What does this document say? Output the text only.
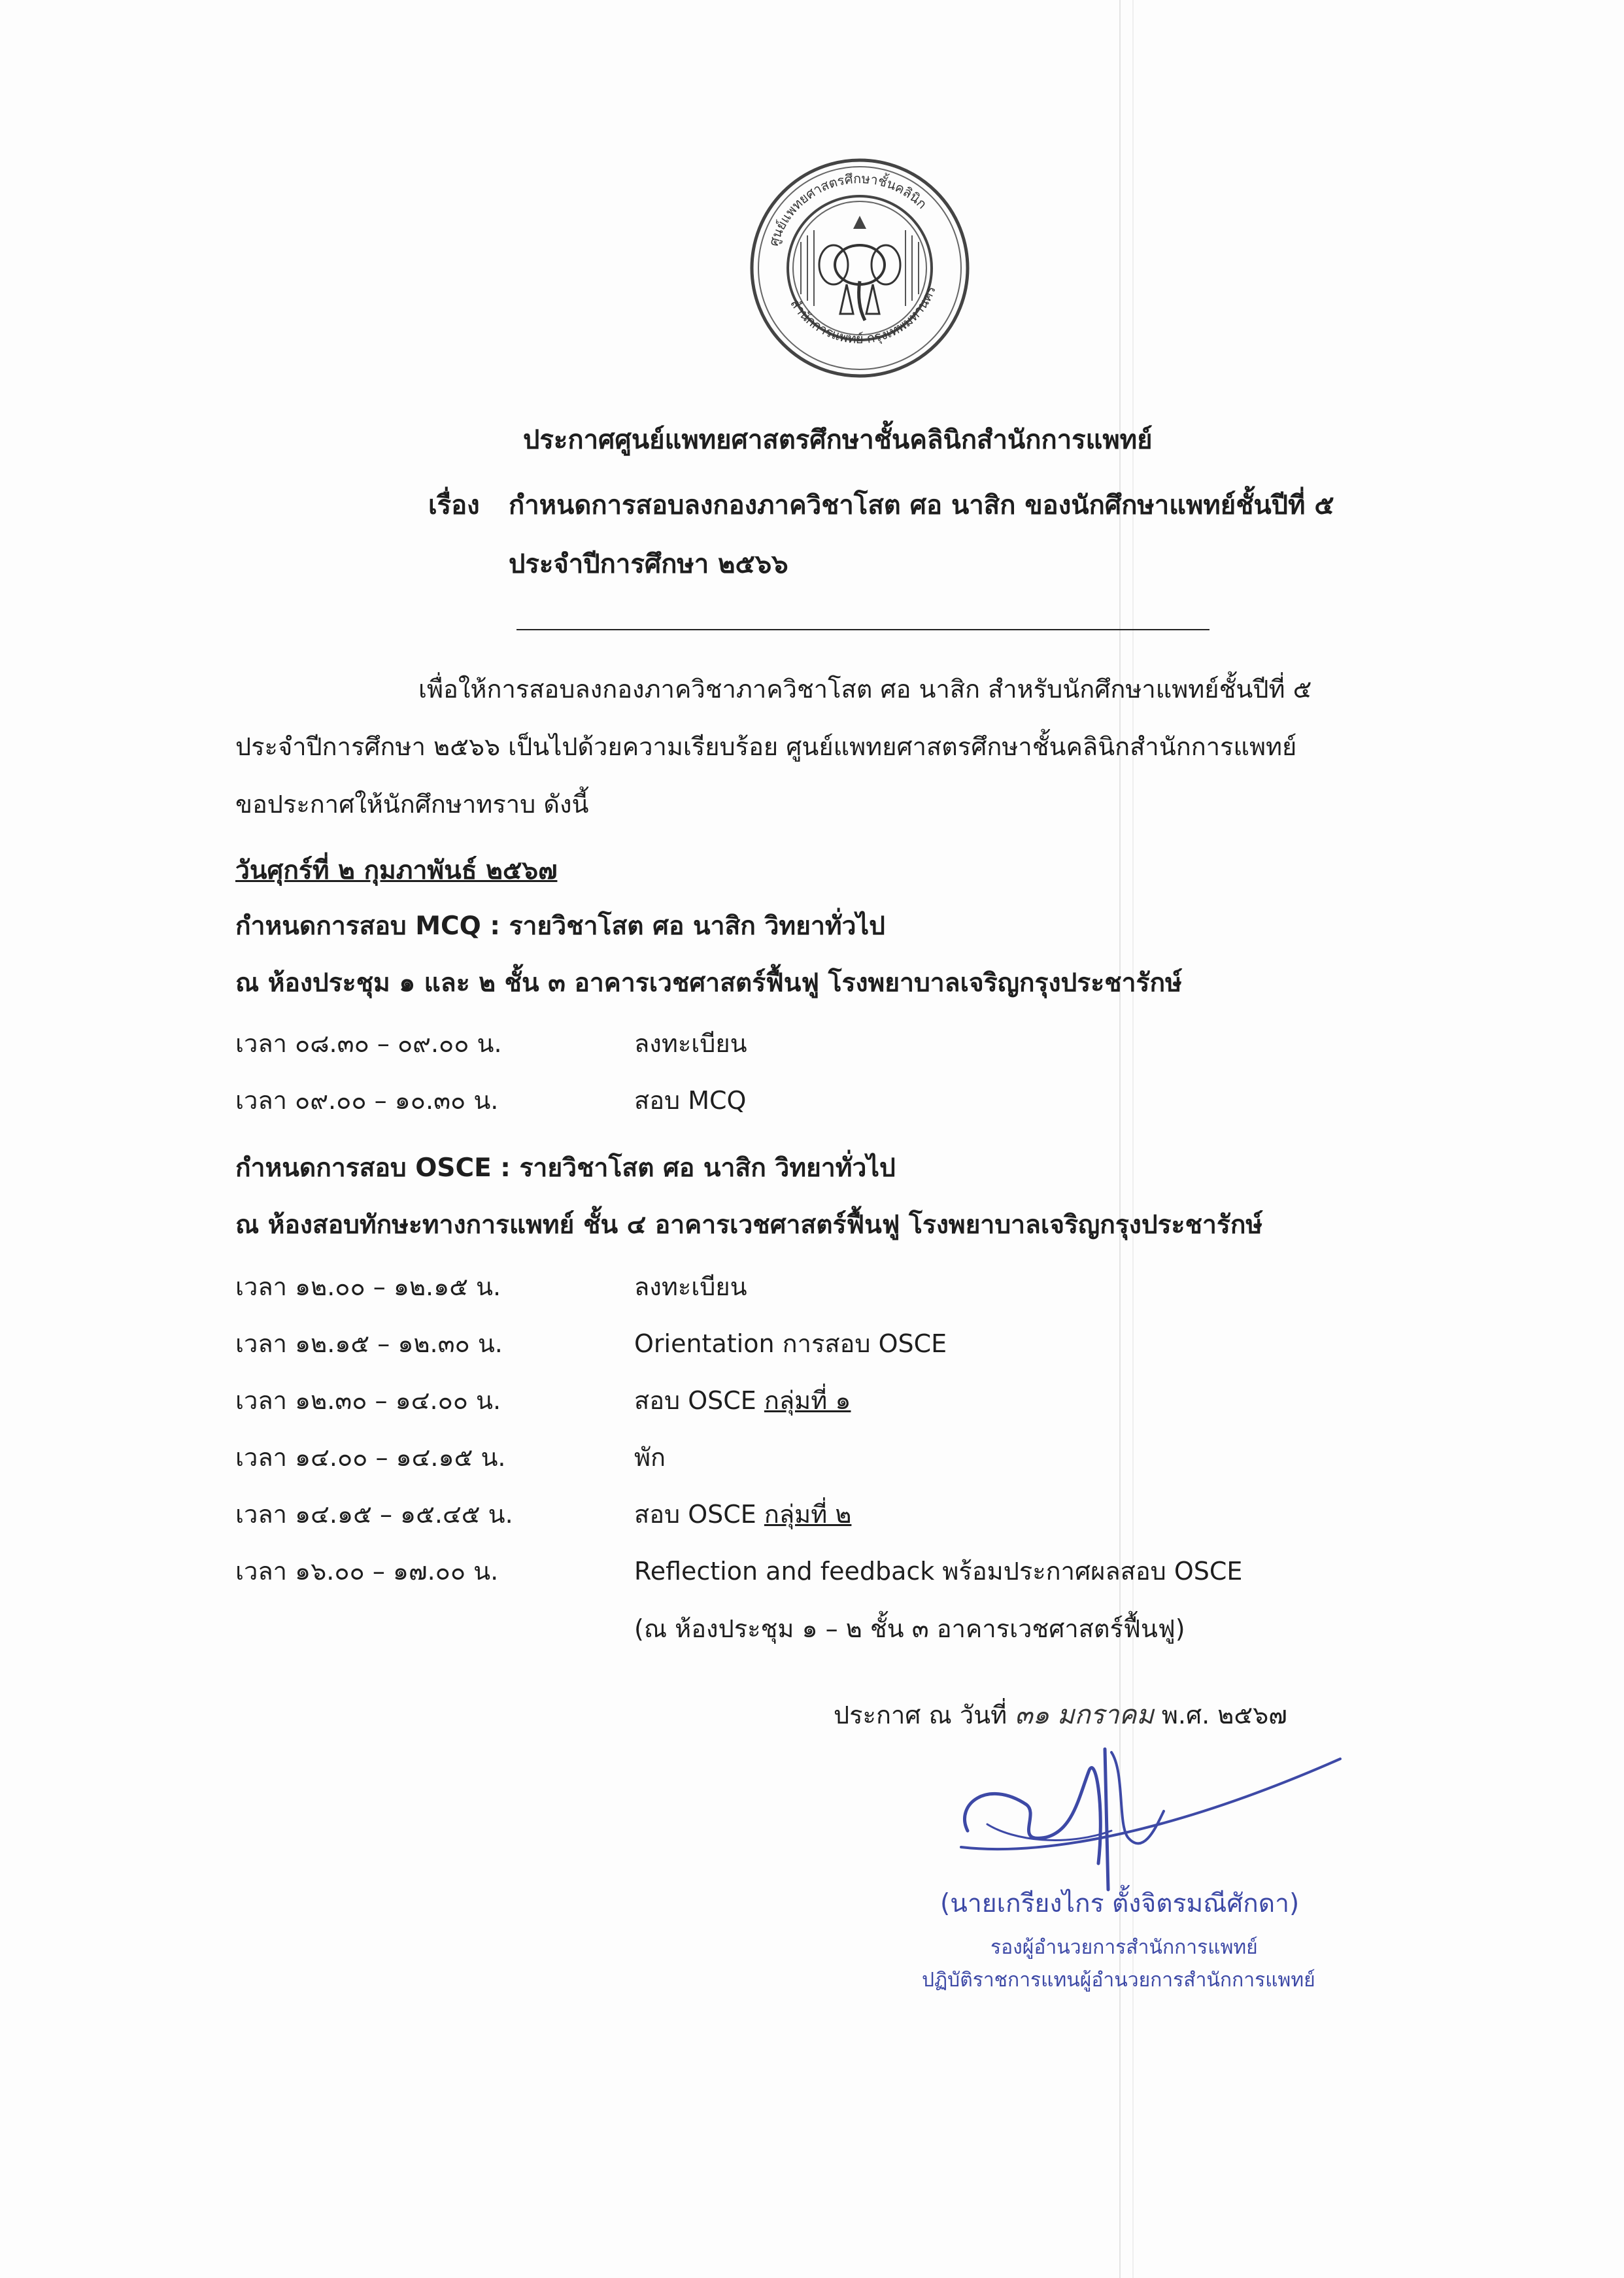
ศูนย์แพทยศาสตรศึกษาชั้นคลินิก
สำนักการแพทย์ กรุงเทพมหานคร
ประกาศศูนย์แพทยศาสตรศึกษาชั้นคลินิกสำนักการแพทย์
เรื่อง กำหนดการสอบลงกองภาควิชาโสต ศอ นาสิก ของนักศึกษาแพทย์ชั้นปีที่ ๕
ประจำปีการศึกษา ๒๕๖๖
เพื่อให้การสอบลงกองภาควิชาภาควิชาโสต ศอ นาสิก สำหรับนักศึกษาแพทย์ชั้นปีที่ ๕
ประจำปีการศึกษา ๒๕๖๖ เป็นไปด้วยความเรียบร้อย ศูนย์แพทยศาสตรศึกษาชั้นคลินิกสำนักการแพทย์
ขอประกาศให้นักศึกษาทราบ ดังนี้
วันศุกร์ที่ ๒ กุมภาพันธ์ ๒๕๖๗
กำหนดการสอบ MCQ : รายวิชาโสต ศอ นาสิก วิทยาทั่วไป
ณ ห้องประชุม ๑ และ ๒ ชั้น ๓ อาคารเวชศาสตร์ฟื้นฟู โรงพยาบาลเจริญกรุงประชารักษ์
เวลา ๐๘.๓๐ – ๐๙.๐๐ น.	ลงทะเบียน
เวลา ๐๙.๐๐ – ๑๐.๓๐ น.	สอบ MCQ
กำหนดการสอบ OSCE : รายวิชาโสต ศอ นาสิก วิทยาทั่วไป
ณ ห้องสอบทักษะทางการแพทย์ ชั้น ๔ อาคารเวชศาสตร์ฟื้นฟู โรงพยาบาลเจริญกรุงประชารักษ์
เวลา ๑๒.๐๐ – ๑๒.๑๕ น.	ลงทะเบียน
เวลา ๑๒.๑๕ – ๑๒.๓๐ น.	Orientation การสอบ OSCE
เวลา ๑๒.๓๐ – ๑๔.๐๐ น.	สอบ OSCE กลุ่มที่ ๑
เวลา ๑๔.๐๐ – ๑๔.๑๕ น.	พัก
เวลา ๑๔.๑๕ – ๑๕.๔๕ น.	สอบ OSCE กลุ่มที่ ๒
เวลา ๑๖.๐๐ – ๑๗.๐๐ น.	Reflection and feedback พร้อมประกาศผลสอบ OSCE
(ณ ห้องประชุม ๑ – ๒ ชั้น ๓ อาคารเวชศาสตร์ฟื้นฟู)
ประกาศ ณ วันที่ ๓๑ มกราคม พ.ศ. ๒๕๖๗
(นายเกรียงไกร ตั้งจิตรมณีศักดา)
รองผู้อำนวยการสำนักการแพทย์
ปฏิบัติราชการแทนผู้อำนวยการสำนักการแพทย์
